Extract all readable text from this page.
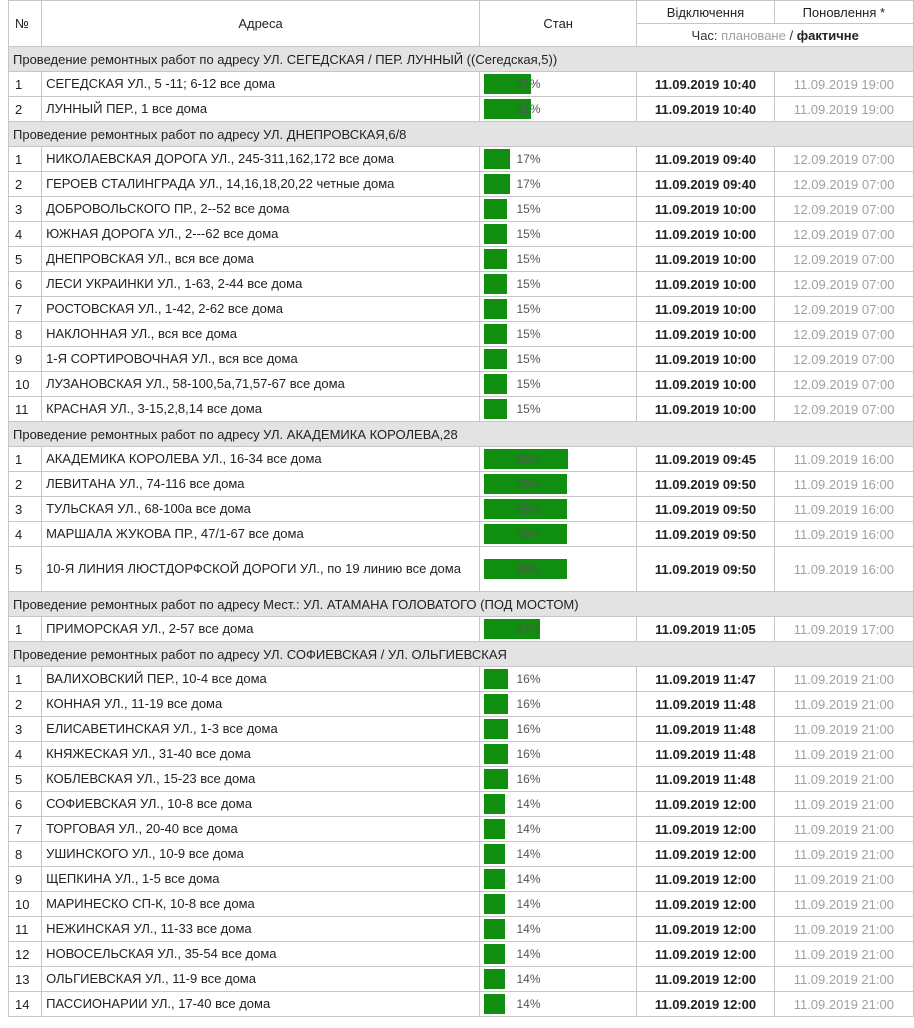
№	Адреса	Стан	Відключення	Поновлення *
			Час: плановане / фактичне	
Проведение ремонтных работ по адресу УЛ. СЕГЕДСКАЯ / ПЕР. ЛУННЫЙ ((Сегедская,5))				
1	СЕГЕДСКАЯ УЛ., 5 -11; 6-12 все дома	31%	11.09.2019 10:40	11.09.2019 19:00
2	ЛУННЫЙ ПЕР., 1 все дома	31%	11.09.2019 10:40	11.09.2019 19:00
Проведение ремонтных работ по адресу УЛ. ДНЕПРОВСКАЯ,6/8				
1	НИКОЛАЕВСКАЯ ДОРОГА УЛ., 245-311,162,172 все дома	17%	11.09.2019 09:40	12.09.2019 07:00
2	ГЕРОЕВ СТАЛИНГРАДА УЛ., 14,16,18,20,22 четные дома	17%	11.09.2019 09:40	12.09.2019 07:00
3	ДОБРОВОЛЬСКОГО ПР., 2--52 все дома	15%	11.09.2019 10:00	12.09.2019 07:00
4	ЮЖНАЯ ДОРОГА УЛ., 2---62 все дома	15%	11.09.2019 10:00	12.09.2019 07:00
5	ДНЕПРОВСКАЯ УЛ., вся все дома	15%	11.09.2019 10:00	12.09.2019 07:00
6	ЛЕСИ УКРАИНКИ УЛ., 1-63, 2-44 все дома	15%	11.09.2019 10:00	12.09.2019 07:00
7	РОСТОВСКАЯ УЛ., 1-42, 2-62 все дома	15%	11.09.2019 10:00	12.09.2019 07:00
8	НАКЛОННАЯ УЛ., вся все дома	15%	11.09.2019 10:00	12.09.2019 07:00
9	1-Я СОРТИРОВОЧНАЯ УЛ., вся все дома	15%	11.09.2019 10:00	12.09.2019 07:00
10	ЛУЗАНОВСКАЯ УЛ., 58-100,5а,71,57-67 все дома	15%	11.09.2019 10:00	12.09.2019 07:00
11	КРАСНАЯ УЛ., 3-15,2,8,14 все дома	15%	11.09.2019 10:00	12.09.2019 07:00
Проведение ремонтных работ по адресу УЛ. АКАДЕМИКА КОРОЛЕВА,28				
1	АКАДЕМИКА КОРОЛЕВА УЛ., 16-34 все дома	56%	11.09.2019 09:45	11.09.2019 16:00
2	ЛЕВИТАНА УЛ., 74-116 все дома	55%	11.09.2019 09:50	11.09.2019 16:00
3	ТУЛЬСКАЯ УЛ., 68-100а все дома	55%	11.09.2019 09:50	11.09.2019 16:00
4	МАРШАЛА ЖУКОВА ПР., 47/1-67 все дома	55%	11.09.2019 09:50	11.09.2019 16:00
5	10-Я ЛИНИЯ ЛЮСТДОРФСКОЙ ДОРОГИ УЛ., по 19 линию все дома	55%	11.09.2019 09:50	11.09.2019 16:00
Проведение ремонтных работ по адресу Мест.: УЛ. АТАМАНА ГОЛОВАТОГО (ПОД МОСТОМ)				
1	ПРИМОРСКАЯ УЛ., 2-57 все дома	37%	11.09.2019 11:05	11.09.2019 17:00
Проведение ремонтных работ по адресу УЛ. СОФИЕВСКАЯ / УЛ. ОЛЬГИЕВСКАЯ				
1	ВАЛИХОВСКИЙ ПЕР., 10-4 все дома	16%	11.09.2019 11:47	11.09.2019 21:00
2	КОННАЯ УЛ., 11-19 все дома	16%	11.09.2019 11:48	11.09.2019 21:00
3	ЕЛИСАВЕТИНСКАЯ УЛ., 1-3 все дома	16%	11.09.2019 11:48	11.09.2019 21:00
4	КНЯЖЕСКАЯ УЛ., 31-40 все дома	16%	11.09.2019 11:48	11.09.2019 21:00
5	КОБЛЕВСКАЯ УЛ., 15-23 все дома	16%	11.09.2019 11:48	11.09.2019 21:00
6	СОФИЕВСКАЯ УЛ., 10-8 все дома	14%	11.09.2019 12:00	11.09.2019 21:00
7	ТОРГОВАЯ УЛ., 20-40 все дома	14%	11.09.2019 12:00	11.09.2019 21:00
8	УШИНСКОГО УЛ., 10-9 все дома	14%	11.09.2019 12:00	11.09.2019 21:00
9	ЩЕПКИНА УЛ., 1-5 все дома	14%	11.09.2019 12:00	11.09.2019 21:00
10	МАРИНЕСКО СП-К, 10-8 все дома	14%	11.09.2019 12:00	11.09.2019 21:00
11	НЕЖИНСКАЯ УЛ., 11-33 все дома	14%	11.09.2019 12:00	11.09.2019 21:00
12	НОВОСЕЛЬСКАЯ УЛ., 35-54 все дома	14%	11.09.2019 12:00	11.09.2019 21:00
13	ОЛЬГИЕВСКАЯ УЛ., 11-9 все дома	14%	11.09.2019 12:00	11.09.2019 21:00
14	ПАССИОНАРИИ УЛ., 17-40 все дома	14%	11.09.2019 12:00	11.09.2019 21:00
